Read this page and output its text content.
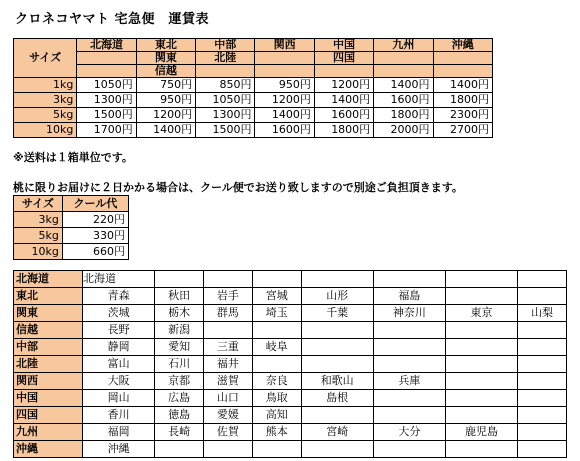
クロネコヤマト 宅急便　運賃表
サイズ	北海道	東北	中部	関西	中国	九州	沖縄
		関東	北陸		四国		
		信越					
1kg	1050円	750円	850円	950円	1200円	1400円	1400円
3kg	1300円	950円	1050円	1200円	1400円	1600円	1800円
5kg	1500円	1200円	1300円	1400円	1600円	1800円	2300円
10kg	1700円	1400円	1500円	1600円	1800円	2000円	2700円
※送料は１箱単位です。
桃に限りお届けに２日かかる場合は、クール便でお送り致しますので別途ご負担頂きます。
サイズ	クール代
3kg	220円
5kg	330円
10kg	660円
北海道	北海道							
東北	青森	秋田	岩手	宮城	山形	福島		
関東	茨城	栃木	群馬	埼玉	千葉	神奈川	東京	山梨
信越	長野	新潟						
中部	静岡	愛知	三重	岐阜				
北陸	富山	石川	福井					
関西	大阪	京都	滋賀	奈良	和歌山	兵庫		
中国	岡山	広島	山口	鳥取	島根			
四国	香川	徳島	愛媛	高知				
九州	福岡	長崎	佐賀	熊本	宮崎	大分	鹿児島	
沖縄	沖縄							
